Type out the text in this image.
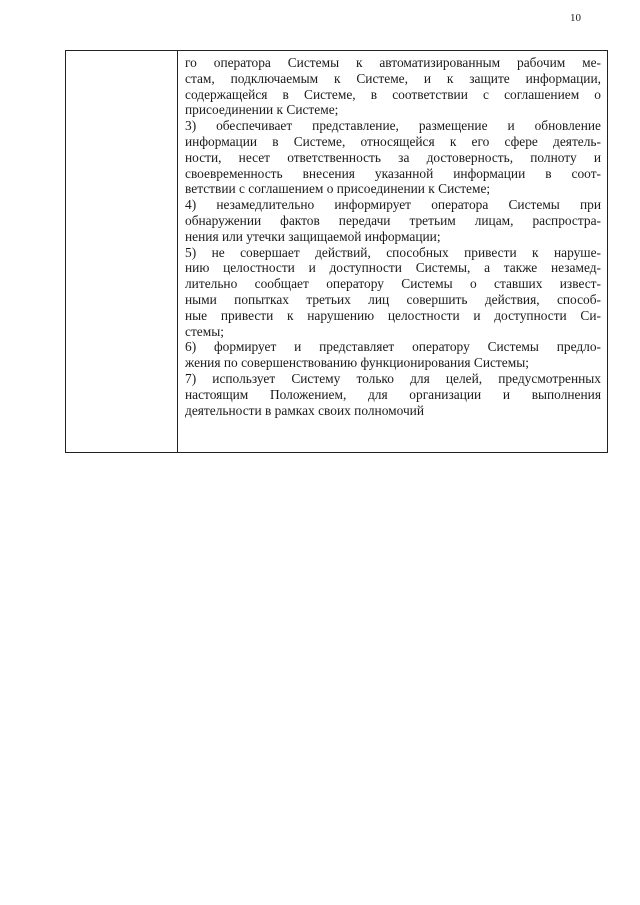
10
го оператора Системы к автоматизированным рабочим ме-
стам, подключаемым к Системе, и к защите информации,
содержащейся в Системе, в соответствии с соглашением о
присоединении к Системе;
3) обеспечивает представление, размещение и обновление
информации в Системе, относящейся к его сфере деятель-
ности, несет ответственность за достоверность, полноту и
своевременность внесения указанной информации в соот-
ветствии с соглашением о присоединении к Системе;
4) незамедлительно информирует оператора Системы при
обнаружении фактов передачи третьим лицам, распростра-
нения или утечки защищаемой информации;
5) не совершает действий, способных привести к наруше-
нию целостности и доступности Системы, а также незамед-
лительно сообщает оператору Системы о ставших извест-
ными попытках третьих лиц совершить действия, способ-
ные привести к нарушению целостности и доступности Си-
стемы;
6) формирует и представляет оператору Системы предло-
жения по совершенствованию функционирования Системы;
7) использует Систему только для целей, предусмотренных
настоящим Положением, для организации и выполнения
деятельности в рамках своих полномочий
